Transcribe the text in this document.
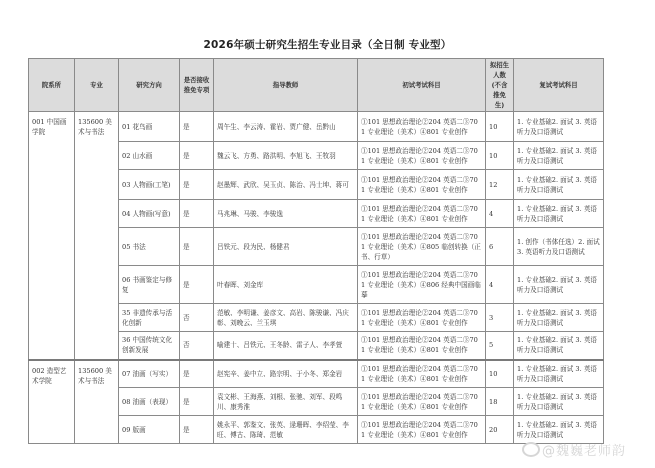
2026年硕士研究生招生专业目录（全日制 专业型）
院系所	专业	研究方向	是否接收推免专项	指导教师	初试考试科目	拟招生人数(不含推免生)	复试考试科目
001 中国画学院	135600 美术与书法	01 花鸟画	是	周午生、李云涛、霍岩、贾广健、岳黔山	①101 思想政治理论②204 英语二③701 专业理论（美术）④801 专业创作	10	1. 专业基础2. 面试 3. 英语听力及口语测试
		02 山水画	是	魏云飞、方勇、路洪明、李旭飞、王牧羽	①101 思想政治理论②204 英语二③701 专业理论（美术）④801 专业创作	10	1. 专业基础2. 面试 3. 英语听力及口语测试
		03 人物画(工笔)	是	赵墨辉、武欣、吴玉贞、陈治、冯士坤、蒋可	①101 思想政治理论②204 英语二③701 专业理论（美术）④801 专业创作	12	1. 专业基础2. 面试 3. 英语听力及口语测试
		04 人物画(写意)	是	马兆琳、马骏、李骏逸	①101 思想政治理论②204 英语二③701 专业理论（美术）④801 专业创作	4	1. 专业基础2. 面试 3. 英语听力及口语测试
		05 书法	是	吕铁元、段为民、杨健君	①101 思想政治理论②204 英语二③701 专业理论（美术）④805 临创转换（正书、行草）	6	1. 创作（书体任选）2. 面试 3. 英语听力及口语测试
		06 书画鉴定与修复	是	叶春晖、刘金库	①101 思想政治理论②204 英语二③701 专业理论（美术）④806 经典中国画临摹	4	1. 专业基础2. 面试 3. 英语听力及口语测试
		35 非遗传承与活化创新	否	范敏、李明谦、姜彦文、高岩、陈骏谦、冯庆彰、刘晚云、兰玉琪	①101 思想政治理论②204 英语二③701 专业理论（美术）④801 专业创作	3	1. 专业基础2. 面试 3. 英语听力及口语测试
		36 中国传统文化创新发展	否	喻建十、吕铁元、王冬龄、雷子人、李孝萱	①101 思想政治理论②204 英语二③701 专业理论（美术）④801 专业创作	5	1. 专业基础2. 面试 3. 英语听力及口语测试
002 造型艺术学院	135600 美术与书法	07 油画（写实）	是	赵宪辛、姜中立、路宗明、于小冬、郑金岩	①101 思想政治理论②204 英语二③701 专业理论（美术）④801 专业创作	10	1. 专业基础2. 面试 3. 英语听力及口语测试
		08 油画（表现）	是	袁文彬、王海燕、刘根、张驰、刘军、段鸣川、康秀淮	①101 思想政治理论②204 英语二③701 专业理论（美术）④801 专业创作	18	1. 专业基础2. 面试 3. 英语听力及口语测试
		09 版画	是	姚永平、郭鉴文、张英、逯珊晖、李绍莹、李旺、傅古、陈琦、范敏	①101 思想政治理论②204 英语二③701 专业理论（美术）④801 专业创作	20	1. 专业基础2. 面试 3. 英语听力及口语测试
@魏巍老师韵
